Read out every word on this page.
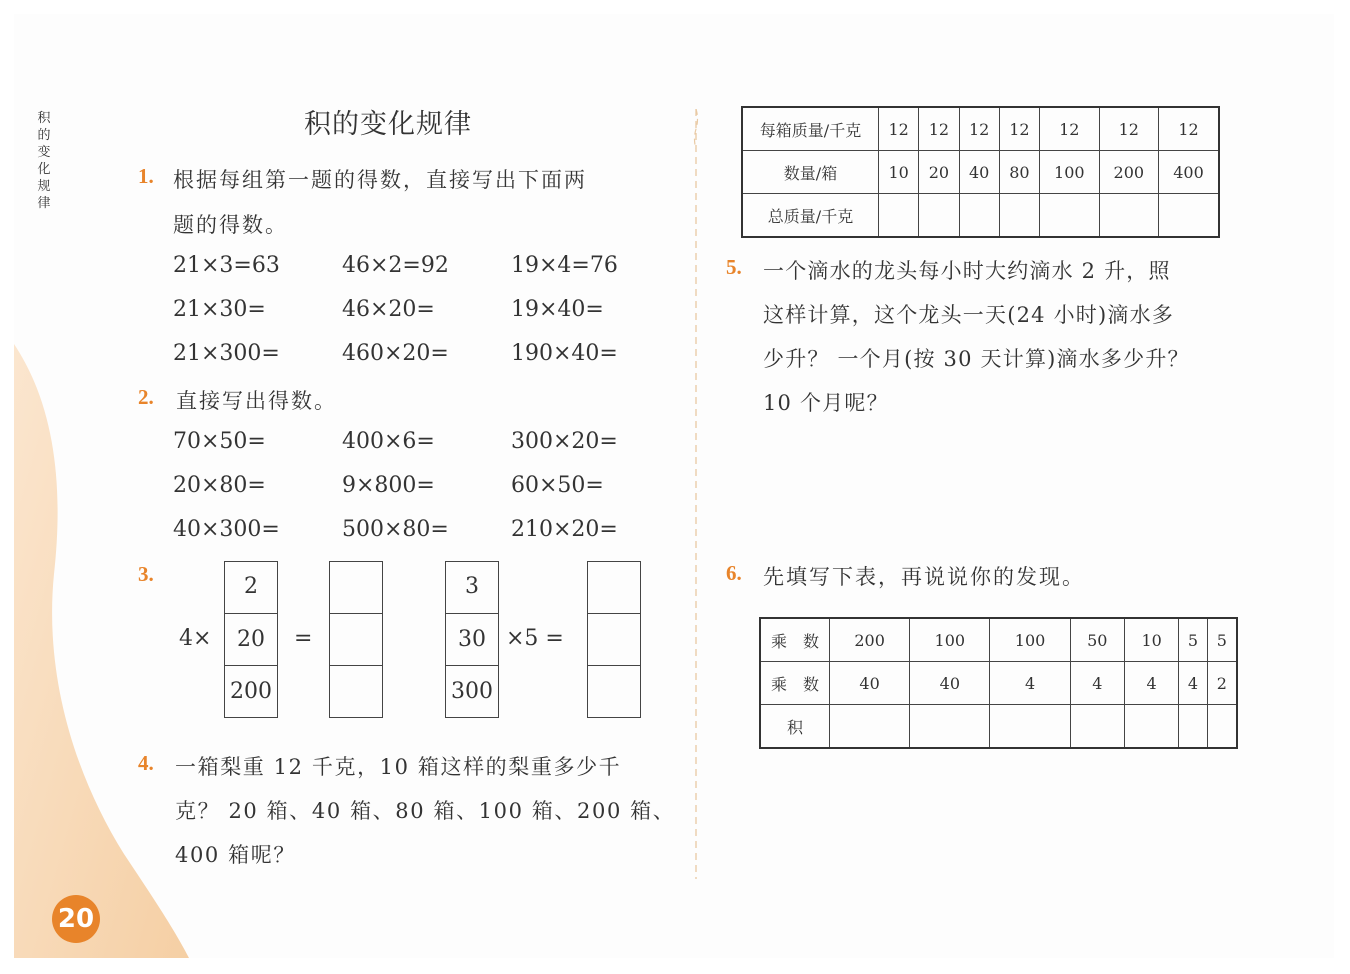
积的变化规律
积的变化规律
1. 根据每组第一题的得数，直接写出下面两
题的得数。
21×3=63	46×2=92	19×4=76
21×30=	46×20=	19×40=
21×300=	460×20=	190×40=
2. 直接写出得数。
70×50=	400×6=	300×20=
20×80=	9×800=	60×50=
40×300=	500×80=	210×20=
3.
4×
2
20
200
=
3
30
300
×5 =
4. 一箱梨重 12 千克，10 箱这样的梨重多少千
克？ 20 箱、40 箱、80 箱、100 箱、200 箱、
400 箱呢？
每箱质量/千克	12	12	12	12	12	12	12
数量/箱	10	20	40	80	100	200	400
总质量/千克							
5. 一个滴水的龙头每小时大约滴水 2 升，照
这样计算，这个龙头一天(24 小时)滴水多
少升？ 一个月(按 30 天计算)滴水多少升？
10 个月呢？
6. 先填写下表，再说说你的发现。
乘　数	200	100	100	50	10	5	5
乘　数	40	40	4	4	4	4	2
积							
20
